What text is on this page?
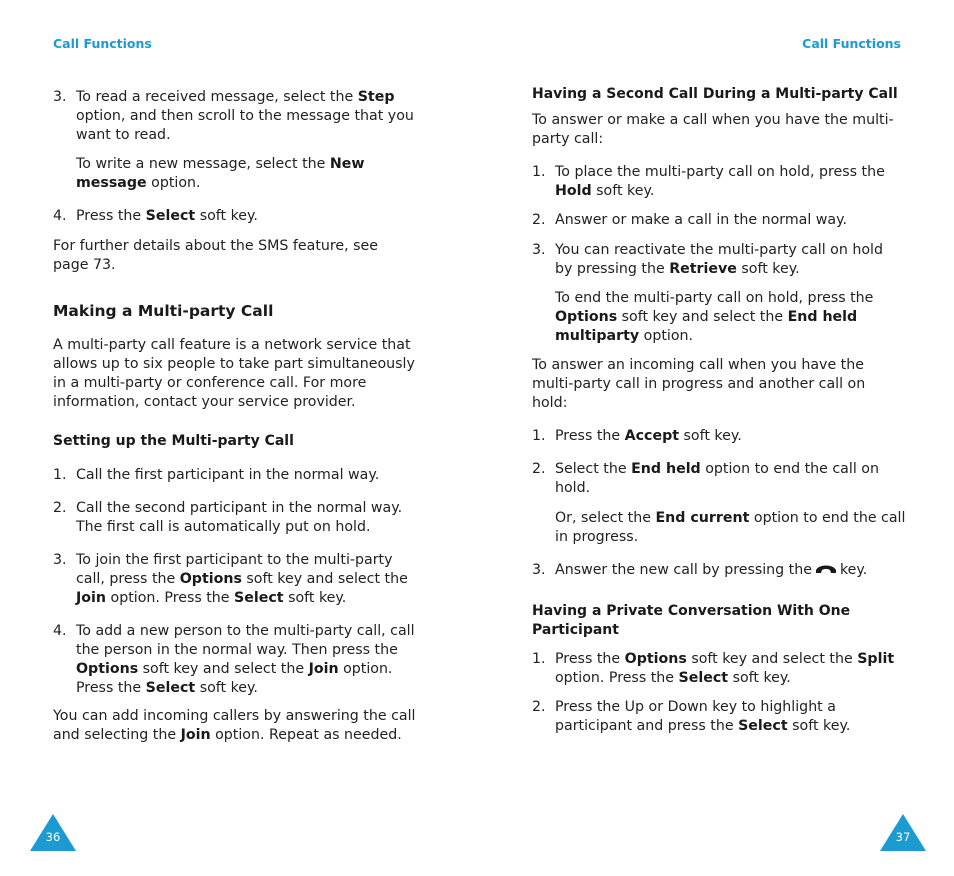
Call Functions
3. To read a received message, select the Step
option, and then scroll to the message that you
want to read.
To write a new message, select the New
message option.
4. Press the Select soft key.
For further details about the SMS feature, see
page 73.
Making a Multi-party Call
A multi-party call feature is a network service that
allows up to six people to take part simultaneously
in a multi-party or conference call. For more
information, contact your service provider.
Setting up the Multi-party Call
1. Call the first participant in the normal way.
2. Call the second participant in the normal way.
The first call is automatically put on hold.
3. To join the first participant to the multi-party
call, press the Options soft key and select the
Join option. Press the Select soft key.
4. To add a new person to the multi-party call, call
the person in the normal way. Then press the
Options soft key and select the Join option.
Press the Select soft key.
You can add incoming callers by answering the call
and selecting the Join option. Repeat as needed.
36
Call Functions
Having a Second Call During a Multi-party Call
To answer or make a call when you have the multi-
party call:
1. To place the multi-party call on hold, press the
Hold soft key.
2. Answer or make a call in the normal way.
3. You can reactivate the multi-party call on hold
by pressing the Retrieve soft key.
To end the multi-party call on hold, press the
Options soft key and select the End held
multiparty option.
To answer an incoming call when you have the
multi-party call in progress and another call on
hold:
1. Press the Accept soft key.
2. Select the End held option to end the call on
hold.
Or, select the End current option to end the call
in progress.
3. Answer the new call by pressing the key.
Having a Private Conversation With One
Participant
1. Press the Options soft key and select the Split
option. Press the Select soft key.
2. Press the Up or Down key to highlight a
participant and press the Select soft key.
37
